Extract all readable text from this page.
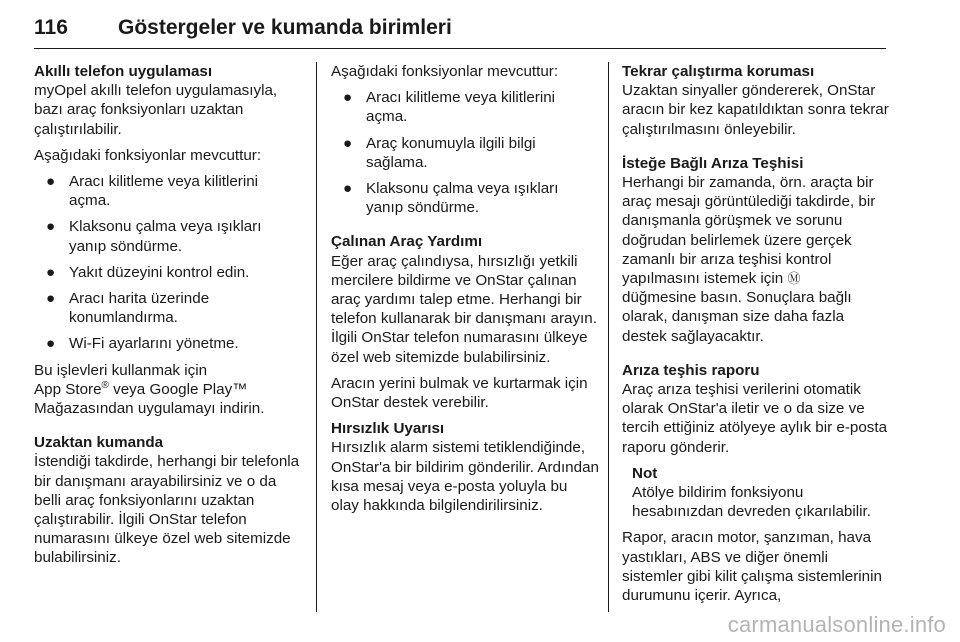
116 Göstergeler ve kumanda birimleri
Akıllı telefon uygulaması
myOpel akıllı telefon uygulamasıyla, bazı araç fonksiyonları uzaktan çalıştırılabilir.
Aşağıdaki fonksiyonlar mevcuttur:
● Aracı kilitleme veya kilitlerini açma.
● Klaksonu çalma veya ışıkları yanıp söndürme.
● Yakıt düzeyini kontrol edin.
● Aracı harita üzerinde konumlandırma.
● Wi-Fi ayarlarını yönetme.
Bu işlevleri kullanmak için
App Store® veya Google Play™
Mağazasından uygulamayı indirin.
Uzaktan kumanda
İstendiği takdirde, herhangi bir telefonla bir danışmanı arayabilirsiniz ve o da belli araç fonksiyonlarını uzaktan çalıştırabilir. İlgili OnStar telefon numarasını ülkeye özel web sitemizde bulabilirsiniz.
Aşağıdaki fonksiyonlar mevcuttur:
● Aracı kilitleme veya kilitlerini açma.
● Araç konumuyla ilgili bilgi sağlama.
● Klaksonu çalma veya ışıkları yanıp söndürme.
Çalınan Araç Yardımı
Eğer araç çalındıysa, hırsızlığı yetkili mercilere bildirme ve OnStar çalınan araç yardımı talep etme. Herhangi bir telefon kullanarak bir danışmanı arayın. İlgili OnStar telefon numarasını ülkeye özel web sitemizde bulabilirsiniz.
Aracın yerini bulmak ve kurtarmak için OnStar destek verebilir.
Hırsızlık Uyarısı
Hırsızlık alarm sistemi tetiklendiğinde, OnStar'a bir bildirim gönderilir. Ardından kısa mesaj veya e-posta yoluyla bu olay hakkında bilgilendirilirsiniz.
Tekrar çalıştırma koruması
Uzaktan sinyaller göndererek, OnStar aracın bir kez kapatıldıktan sonra tekrar çalıştırılmasını önleyebilir.
İsteğe Bağlı Arıza Teşhisi
Herhangi bir zamanda, örn. araçta bir araç mesajı görüntülediği takdirde, bir danışmanla görüşmek ve sorunu doğrudan belirlemek üzere gerçek zamanlı bir arıza teşhisi kontrol yapılmasını istemek için Ⓜ
düğmesine basın. Sonuçlara bağlı olarak, danışman size daha fazla destek sağlayacaktır.
Arıza teşhis raporu
Araç arıza teşhisi verilerini otomatik olarak OnStar'a iletir ve o da size ve tercih ettiğiniz atölyeye aylık bir e-posta raporu gönderir.
Not
Atölye bildirim fonksiyonu hesabınızdan devreden çıkarılabilir.
Rapor, aracın motor, şanzıman, hava yastıkları, ABS ve diğer önemli sistemler gibi kilit çalışma sistemlerinin durumunu içerir. Ayrıca,
carmanualsonline.info
